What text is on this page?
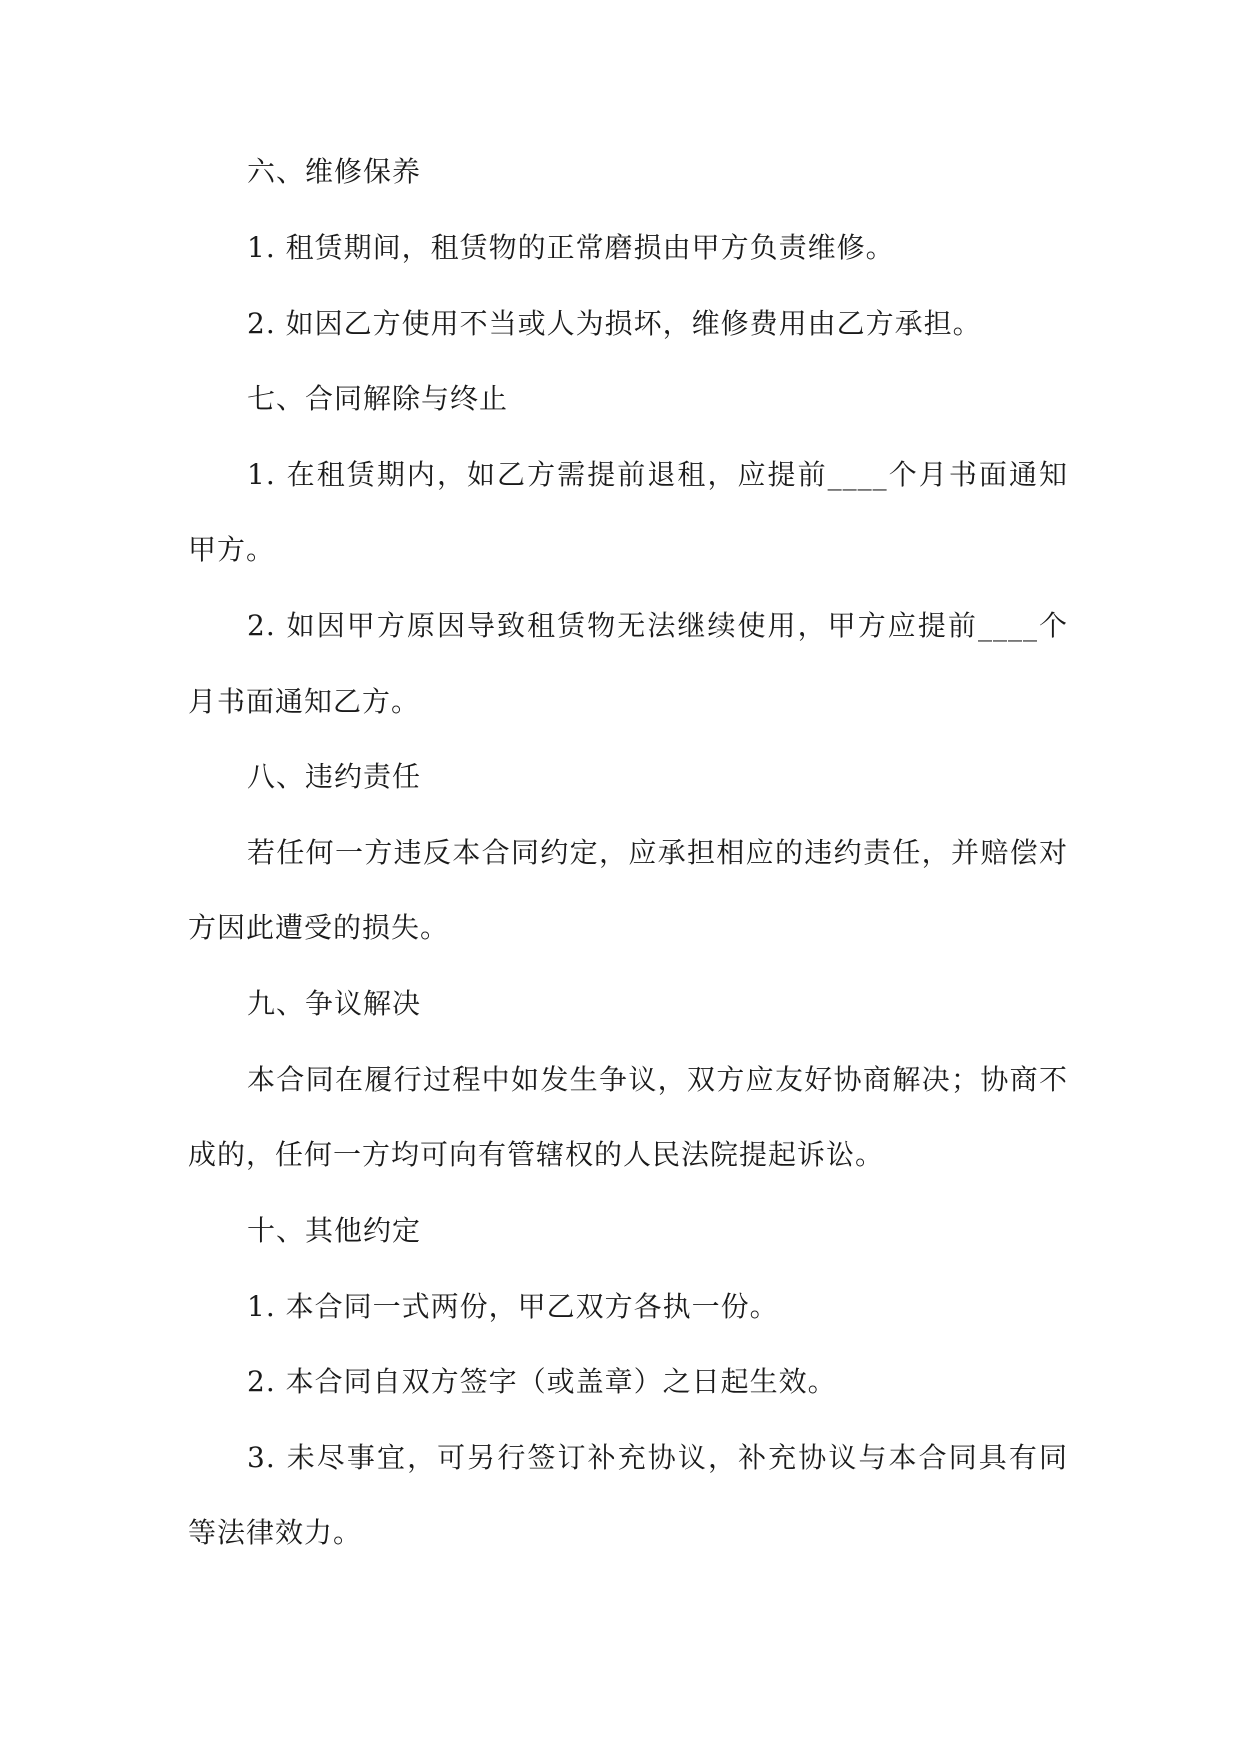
六、维修保养
1. 租赁期间，租赁物的正常磨损由甲方负责维修。
2. 如因乙方使用不当或人为损坏，维修费用由乙方承担。
七、合同解除与终止
1. 在租赁期内，如乙方需提前退租，应提前____个月书面通知
甲方。
2. 如因甲方原因导致租赁物无法继续使用，甲方应提前____个
月书面通知乙方。
八、违约责任
若任何一方违反本合同约定，应承担相应的违约责任，并赔偿对
方因此遭受的损失。
九、争议解决
本合同在履行过程中如发生争议，双方应友好协商解决；协商不
成的，任何一方均可向有管辖权的人民法院提起诉讼。
十、其他约定
1. 本合同一式两份，甲乙双方各执一份。
2. 本合同自双方签字（或盖章）之日起生效。
3. 未尽事宜，可另行签订补充协议，补充协议与本合同具有同
等法律效力。
